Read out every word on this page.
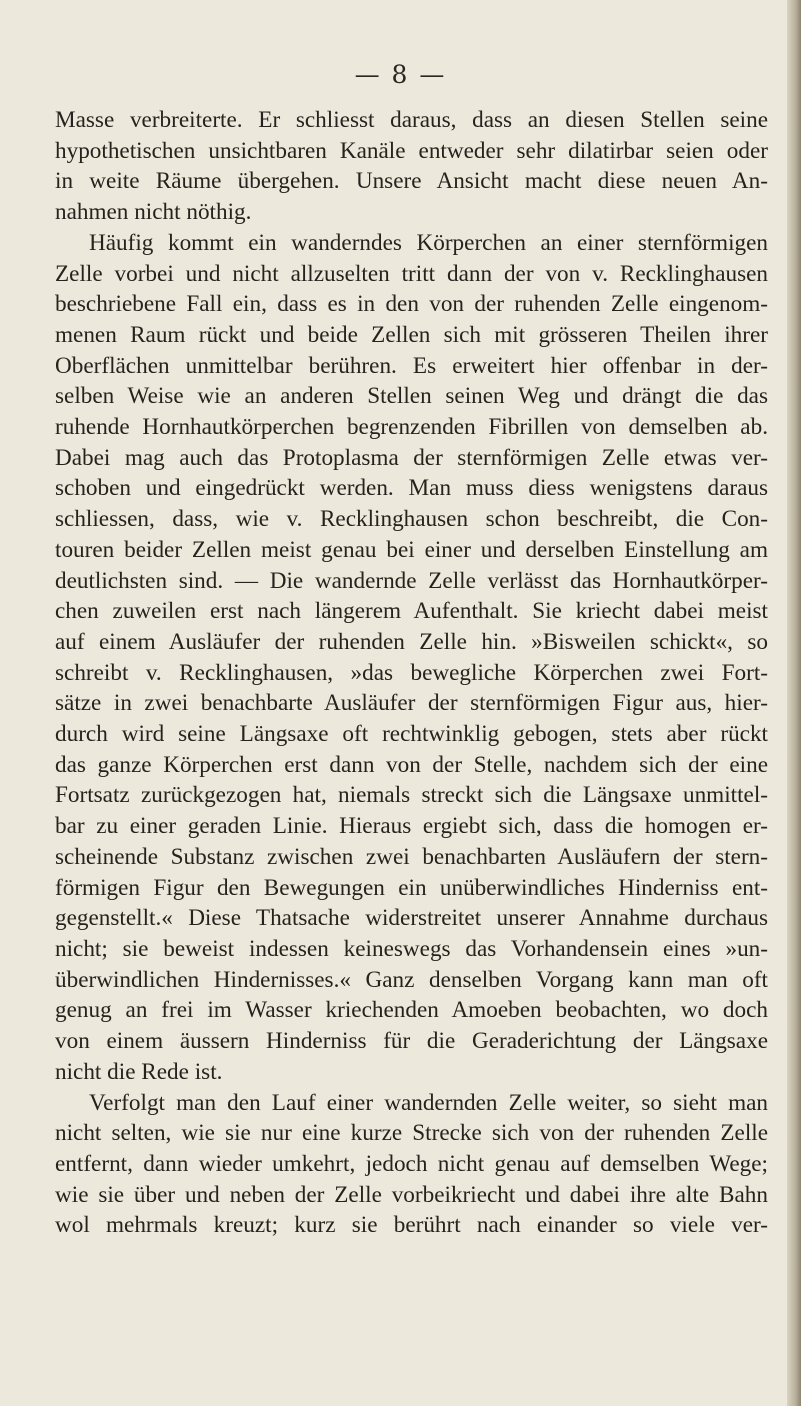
— 8 —
Masse verbreiterte. Er schliesst daraus, dass an diesen Stellen seine
hypothetischen unsichtbaren Kanäle entweder sehr dilatirbar seien oder
in weite Räume übergehen. Unsere Ansicht macht diese neuen An-
nahmen nicht nöthig.
Häufig kommt ein wanderndes Körperchen an einer sternförmigen
Zelle vorbei und nicht allzuselten tritt dann der von v. Recklinghausen
beschriebene Fall ein, dass es in den von der ruhenden Zelle eingenom-
menen Raum rückt und beide Zellen sich mit grösseren Theilen ihrer
Oberflächen unmittelbar berühren. Es erweitert hier offenbar in der-
selben Weise wie an anderen Stellen seinen Weg und drängt die das
ruhende Hornhautkörperchen begrenzenden Fibrillen von demselben ab.
Dabei mag auch das Protoplasma der sternförmigen Zelle etwas ver-
schoben und eingedrückt werden. Man muss diess wenigstens daraus
schliessen, dass, wie v. Recklinghausen schon beschreibt, die Con-
touren beider Zellen meist genau bei einer und derselben Einstellung am
deutlichsten sind. — Die wandernde Zelle verlässt das Hornhautkörper-
chen zuweilen erst nach längerem Aufenthalt. Sie kriecht dabei meist
auf einem Ausläufer der ruhenden Zelle hin. »Bisweilen schickt«, so
schreibt v. Recklinghausen, »das bewegliche Körperchen zwei Fort-
sätze in zwei benachbarte Ausläufer der sternförmigen Figur aus, hier-
durch wird seine Längsaxe oft rechtwinklig gebogen, stets aber rückt
das ganze Körperchen erst dann von der Stelle, nachdem sich der eine
Fortsatz zurückgezogen hat, niemals streckt sich die Längsaxe unmittel-
bar zu einer geraden Linie. Hieraus ergiebt sich, dass die homogen er-
scheinende Substanz zwischen zwei benachbarten Ausläufern der stern-
förmigen Figur den Bewegungen ein unüberwindliches Hinderniss ent-
gegenstellt.« Diese Thatsache widerstreitet unserer Annahme durchaus
nicht; sie beweist indessen keineswegs das Vorhandensein eines »un-
überwindlichen Hindernisses.« Ganz denselben Vorgang kann man oft
genug an frei im Wasser kriechenden Amoeben beobachten, wo doch
von einem äussern Hinderniss für die Geraderichtung der Längsaxe
nicht die Rede ist.
Verfolgt man den Lauf einer wandernden Zelle weiter, so sieht man
nicht selten, wie sie nur eine kurze Strecke sich von der ruhenden Zelle
entfernt, dann wieder umkehrt, jedoch nicht genau auf demselben Wege;
wie sie über und neben der Zelle vorbeikriecht und dabei ihre alte Bahn
wol mehrmals kreuzt; kurz sie berührt nach einander so viele ver-
